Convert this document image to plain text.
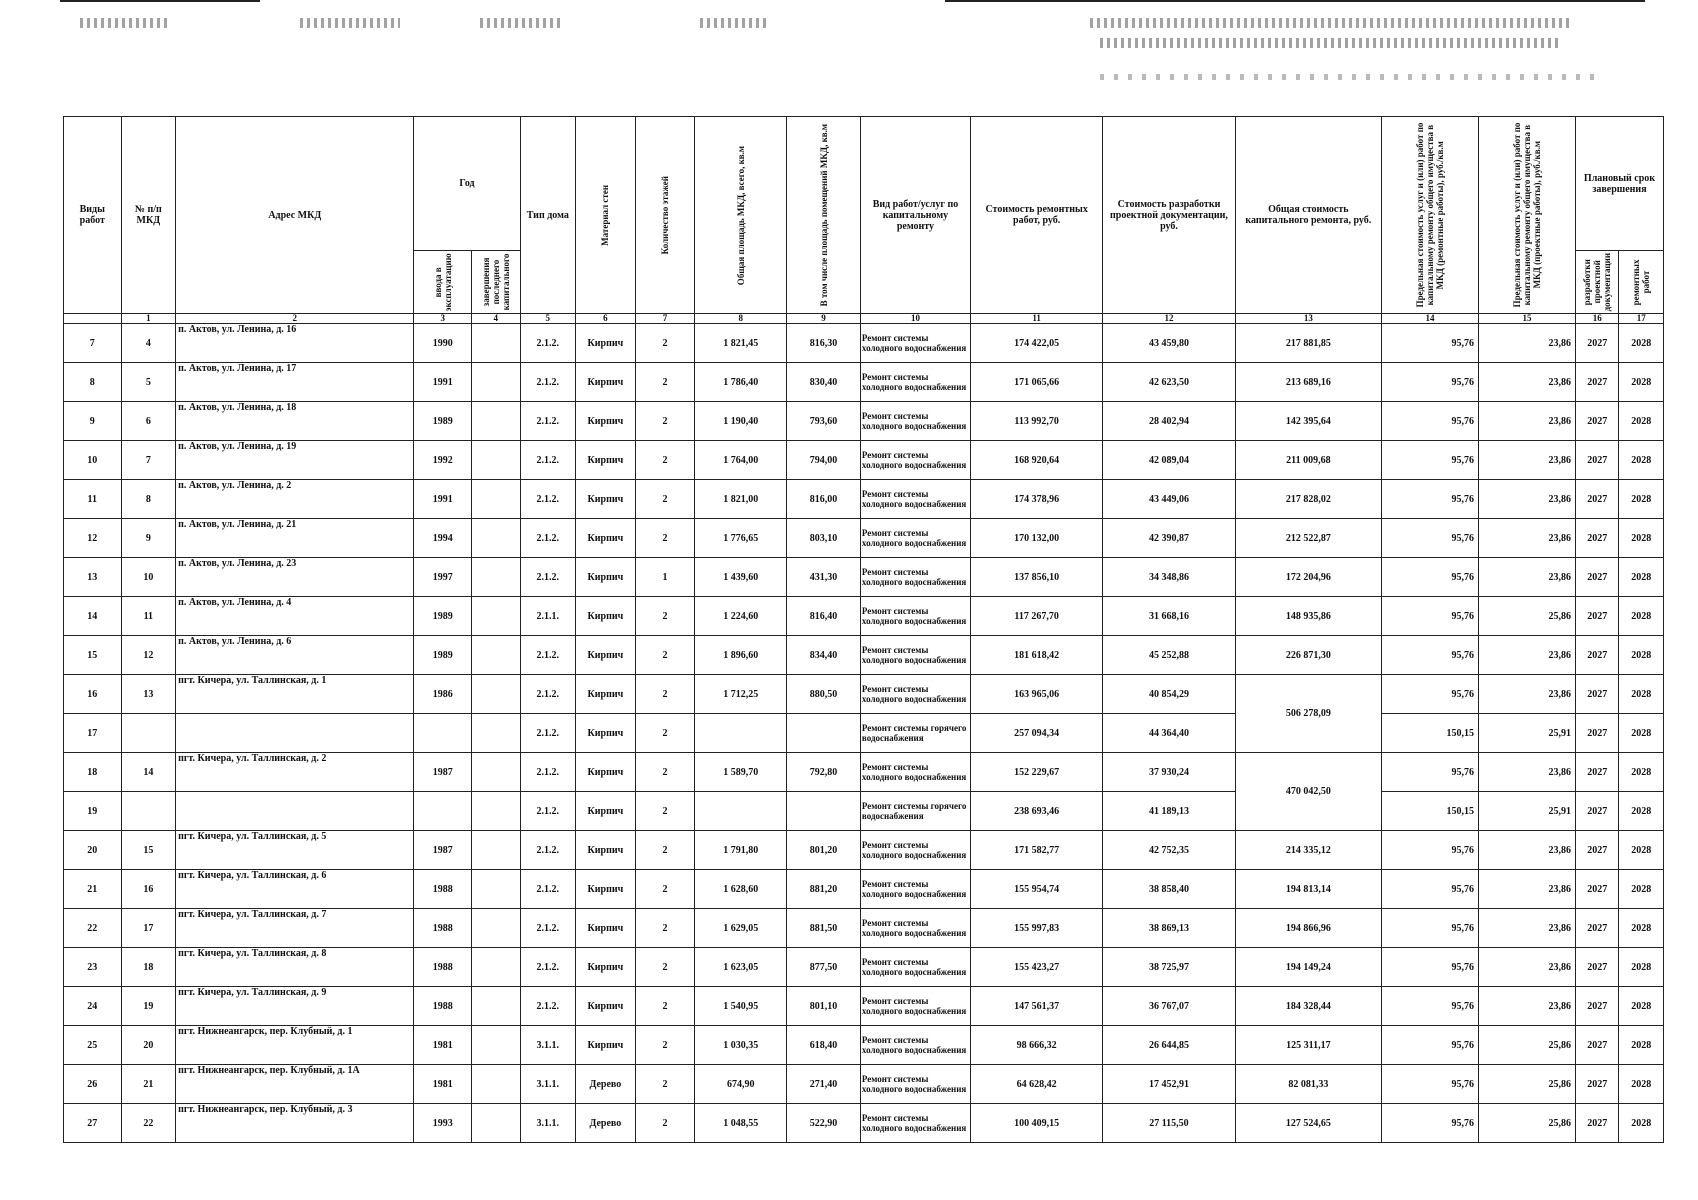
Виды работ	№ п/п МКД	Адрес МКД	Год		Тип дома	Материал стен	Количество этажей	Общая площадь МКД, всего, кв.м	В том числе площадь помещений МКД, кв.м	Вид работ/услуг по капитальному ремонту	Стоимость ремонтных работ, руб.	Стоимость разработки проектной документации, руб.	Общая стоимость капитального ремонта, руб.	Предельная стоимость услуг и (или) работ по капитальному ремонту общего имущества в МКД (ремонтные работы), руб./кв.м	Предельная стоимость услуг и (или) работ по капитальному ремонту общего имущества в МКД (проектные работы), руб./кв.м	Плановый срок завершения	

			ввода в эксплуатацию	завершения последнего капитального												разработки проектной документации	ремонтных работ

	1	2	3	4	5	6	7	8	9	10	11	12	13	14	15	16	17
7	4	п. Актов, ул. Ленина, д. 16	1990		2.1.2.	Кирпич	2	1 821,45	816,30	Ремонт системы холодного водоснабжения	174 422,05	43 459,80	217 881,85	95,76	23,86	2027	2028
8	5	п. Актов, ул. Ленина, д. 17	1991		2.1.2.	Кирпич	2	1 786,40	830,40	Ремонт системы холодного водоснабжения	171 065,66	42 623,50	213 689,16	95,76	23,86	2027	2028
9	6	п. Актов, ул. Ленина, д. 18	1989		2.1.2.	Кирпич	2	1 190,40	793,60	Ремонт системы холодного водоснабжения	113 992,70	28 402,94	142 395,64	95,76	23,86	2027	2028
10	7	п. Актов, ул. Ленина, д. 19	1992		2.1.2.	Кирпич	2	1 764,00	794,00	Ремонт системы холодного водоснабжения	168 920,64	42 089,04	211 009,68	95,76	23,86	2027	2028
11	8	п. Актов, ул. Ленина, д. 2	1991		2.1.2.	Кирпич	2	1 821,00	816,00	Ремонт системы холодного водоснабжения	174 378,96	43 449,06	217 828,02	95,76	23,86	2027	2028
12	9	п. Актов, ул. Ленина, д. 21	1994		2.1.2.	Кирпич	2	1 776,65	803,10	Ремонт системы холодного водоснабжения	170 132,00	42 390,87	212 522,87	95,76	23,86	2027	2028
13	10	п. Актов, ул. Ленина, д. 23	1997		2.1.2.	Кирпич	1	1 439,60	431,30	Ремонт системы холодного водоснабжения	137 856,10	34 348,86	172 204,96	95,76	23,86	2027	2028
14	11	п. Актов, ул. Ленина, д. 4	1989		2.1.1.	Кирпич	2	1 224,60	816,40	Ремонт системы холодного водоснабжения	117 267,70	31 668,16	148 935,86	95,76	25,86	2027	2028
15	12	п. Актов, ул. Ленина, д. 6	1989		2.1.2.	Кирпич	2	1 896,60	834,40	Ремонт системы холодного водоснабжения	181 618,42	45 252,88	226 871,30	95,76	23,86	2027	2028
16	13	пгт. Кичера, ул. Таллинская, д. 1	1986		2.1.2.	Кирпич	2	1 712,25	880,50	Ремонт системы холодного водоснабжения	163 965,06	40 854,29	506 278,09	95,76	23,86	2027	2028
17					2.1.2.	Кирпич	2			Ремонт системы горячего водоснабжения	257 094,34	44 364,40		150,15	25,91	2027	2028
18	14	пгт. Кичера, ул. Таллинская, д. 2	1987		2.1.2.	Кирпич	2	1 589,70	792,80	Ремонт системы холодного водоснабжения	152 229,67	37 930,24	470 042,50	95,76	23,86	2027	2028
19					2.1.2.	Кирпич	2			Ремонт системы горячего водоснабжения	238 693,46	41 189,13		150,15	25,91	2027	2028
20	15	пгт. Кичера, ул. Таллинская, д. 5	1987		2.1.2.	Кирпич	2	1 791,80	801,20	Ремонт системы холодного водоснабжения	171 582,77	42 752,35	214 335,12	95,76	23,86	2027	2028
21	16	пгт. Кичера, ул. Таллинская, д. 6	1988		2.1.2.	Кирпич	2	1 628,60	881,20	Ремонт системы холодного водоснабжения	155 954,74	38 858,40	194 813,14	95,76	23,86	2027	2028
22	17	пгт. Кичера, ул. Таллинская, д. 7	1988		2.1.2.	Кирпич	2	1 629,05	881,50	Ремонт системы холодного водоснабжения	155 997,83	38 869,13	194 866,96	95,76	23,86	2027	2028
23	18	пгт. Кичера, ул. Таллинская, д. 8	1988		2.1.2.	Кирпич	2	1 623,05	877,50	Ремонт системы холодного водоснабжения	155 423,27	38 725,97	194 149,24	95,76	23,86	2027	2028
24	19	пгт. Кичера, ул. Таллинская, д. 9	1988		2.1.2.	Кирпич	2	1 540,95	801,10	Ремонт системы холодного водоснабжения	147 561,37	36 767,07	184 328,44	95,76	23,86	2027	2028
25	20	пгт. Нижнеангарск, пер. Клубный, д. 1	1981		3.1.1.	Кирпич	2	1 030,35	618,40	Ремонт системы холодного водоснабжения	98 666,32	26 644,85	125 311,17	95,76	25,86	2027	2028
26	21	пгт. Нижнеангарск, пер. Клубный, д. 1А	1981		3.1.1.	Дерево	2	674,90	271,40	Ремонт системы холодного водоснабжения	64 628,42	17 452,91	82 081,33	95,76	25,86	2027	2028
27	22	пгт. Нижнеангарск, пер. Клубный, д. 3	1993		3.1.1.	Дерево	2	1 048,55	522,90	Ремонт системы холодного водоснабжения	100 409,15	27 115,50	127 524,65	95,76	25,86	2027	2028
